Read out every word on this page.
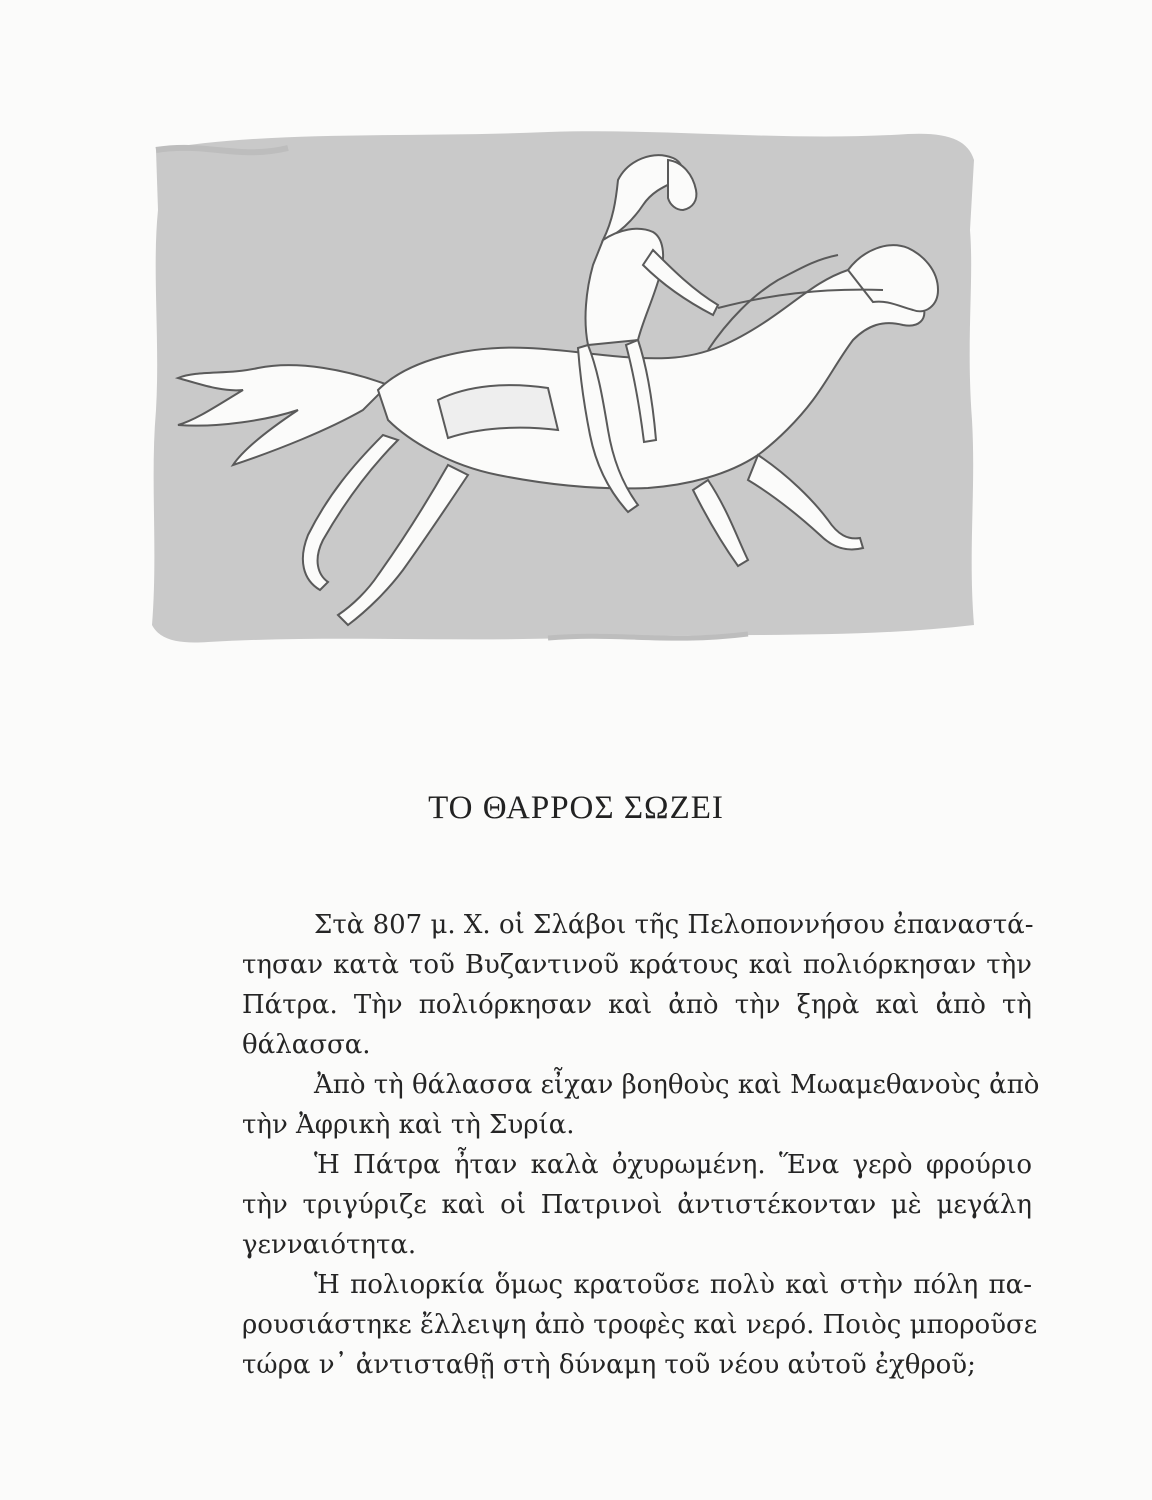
ΤΟ ΘΑΡΡΟΣ ΣΩΖΕΙ

Στὰ 807 μ. Χ. οἱ Σλάβοι τῆς Πελοποννήσου ἐπαναστά-
τησαν κατὰ τοῦ Βυζαντινοῦ κράτους καὶ πολιόρκησαν τὴν
Πάτρα. Τὴν πολιόρκησαν καὶ ἀπὸ τὴν ξηρὰ καὶ ἀπὸ τὴ
θάλασσα.

Ἀπὸ τὴ θάλασσα εἶχαν βοηθοὺς καὶ Μωαμεθανοὺς ἀπὸ
τὴν Ἀφρικὴ καὶ τὴ Συρία.

Ἡ Πάτρα ἦταν καλὰ ὀχυρωμένη. Ἕνα γερὸ φρούριο
τὴν τριγύριζε καὶ οἱ Πατρινοὶ ἀντιστέκονταν μὲ μεγάλη
γενναιότητα.

Ἡ πολιορκία ὅμως κρατοῦσε πολὺ καὶ στὴν πόλη πα-
ρουσιάστηκε ἔλλειψη ἀπὸ τροφὲς καὶ νερό. Ποιὸς μποροῦσε
τώρα ν᾿ ἀντισταθῇ στὴ δύναμη τοῦ νέου αὐτοῦ ἐχθροῦ;
